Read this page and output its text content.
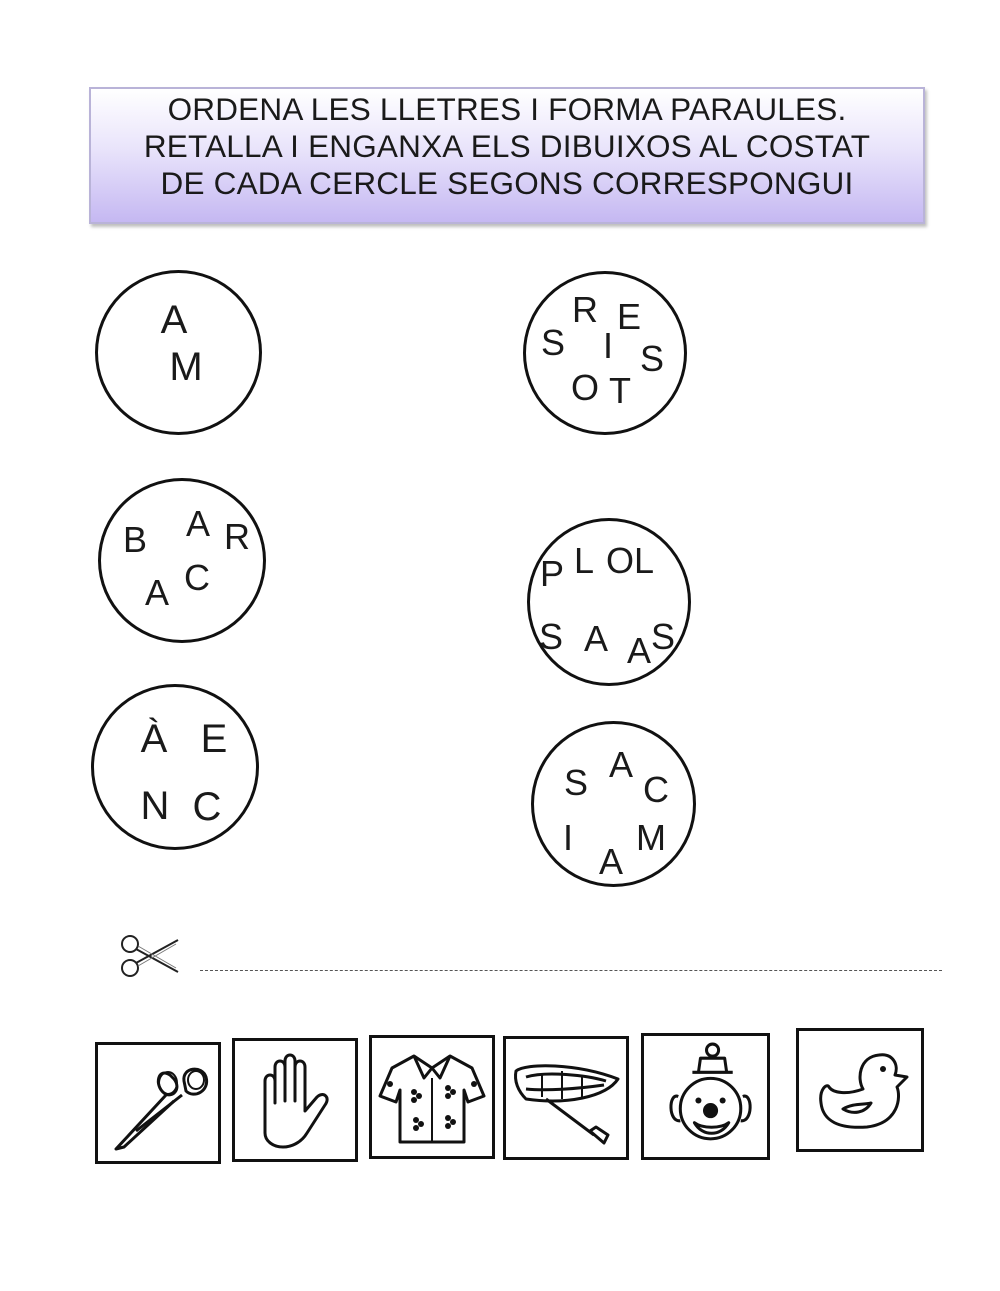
ORDENA LES LLETRES I FORMA PARAULES.
RETALLA I ENGANXA ELS DIBUIXOS AL COSTAT
DE CADA CERCLE SEGONS CORRESPONGUI
A
M
R E
S I S
O T
A
B R
C
A	P L OL
S A A S
À E
N C
A
S C
I M
A
